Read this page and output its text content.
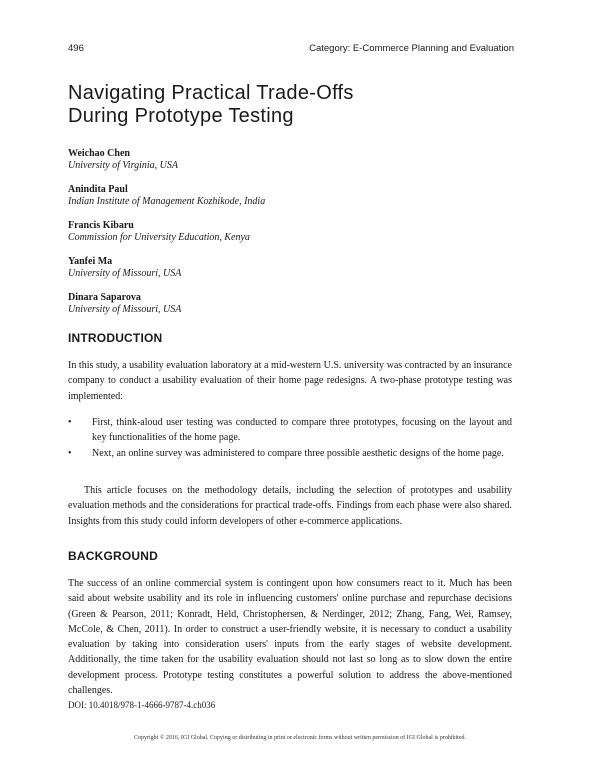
496	Category: E-Commerce Planning and Evaluation
Navigating Practical Trade-Offs
During Prototype Testing

Weichao Chen
University of Virginia, USA

Anindita Paul
Indian Institute of Management Kozhikode, India

Francis Kibaru
Commission for University Education, Kenya

Yanfei Ma
University of Missouri, USA

Dinara Saparova
University of Missouri, USA

INTRODUCTION

In this study, a usability evaluation laboratory at a mid-western U.S. university was contracted by an insurance company to conduct a usability evaluation of their home page redesigns. A two-phase prototype testing was implemented:

• First, think-aloud user testing was conducted to compare three prototypes, focusing on the layout and key functionalities of the home page.
• Next, an online survey was administered to compare three possible aesthetic designs of the home page.

This article focuses on the methodology details, including the selection of prototypes and usability evaluation methods and the considerations for practical trade-offs. Findings from each phase were also shared. Insights from this study could inform developers of other e-commerce applications.

BACKGROUND

The success of an online commercial system is contingent upon how consumers react to it. Much has been said about website usability and its role in influencing customers' online purchase and repurchase decisions (Green & Pearson, 2011; Konradt, Held, Christophersen, & Nerdinger, 2012; Zhang, Fang, Wei, Ramsey, McCole, & Chen, 2011). In order to construct a user-friendly website, it is necessary to conduct a usability evaluation by taking into consideration users' inputs from the early stages of website development. Additionally, the time taken for the usability evaluation should not last so long as to slow down the entire development process. Prototype testing constitutes a powerful solution to address the above-mentioned challenges.

DOI: 10.4018/978-1-4666-9787-4.ch036
Copyright © 2016, IGI Global. Copying or distributing in print or electronic forms without written permission of IGI Global is prohibited.
